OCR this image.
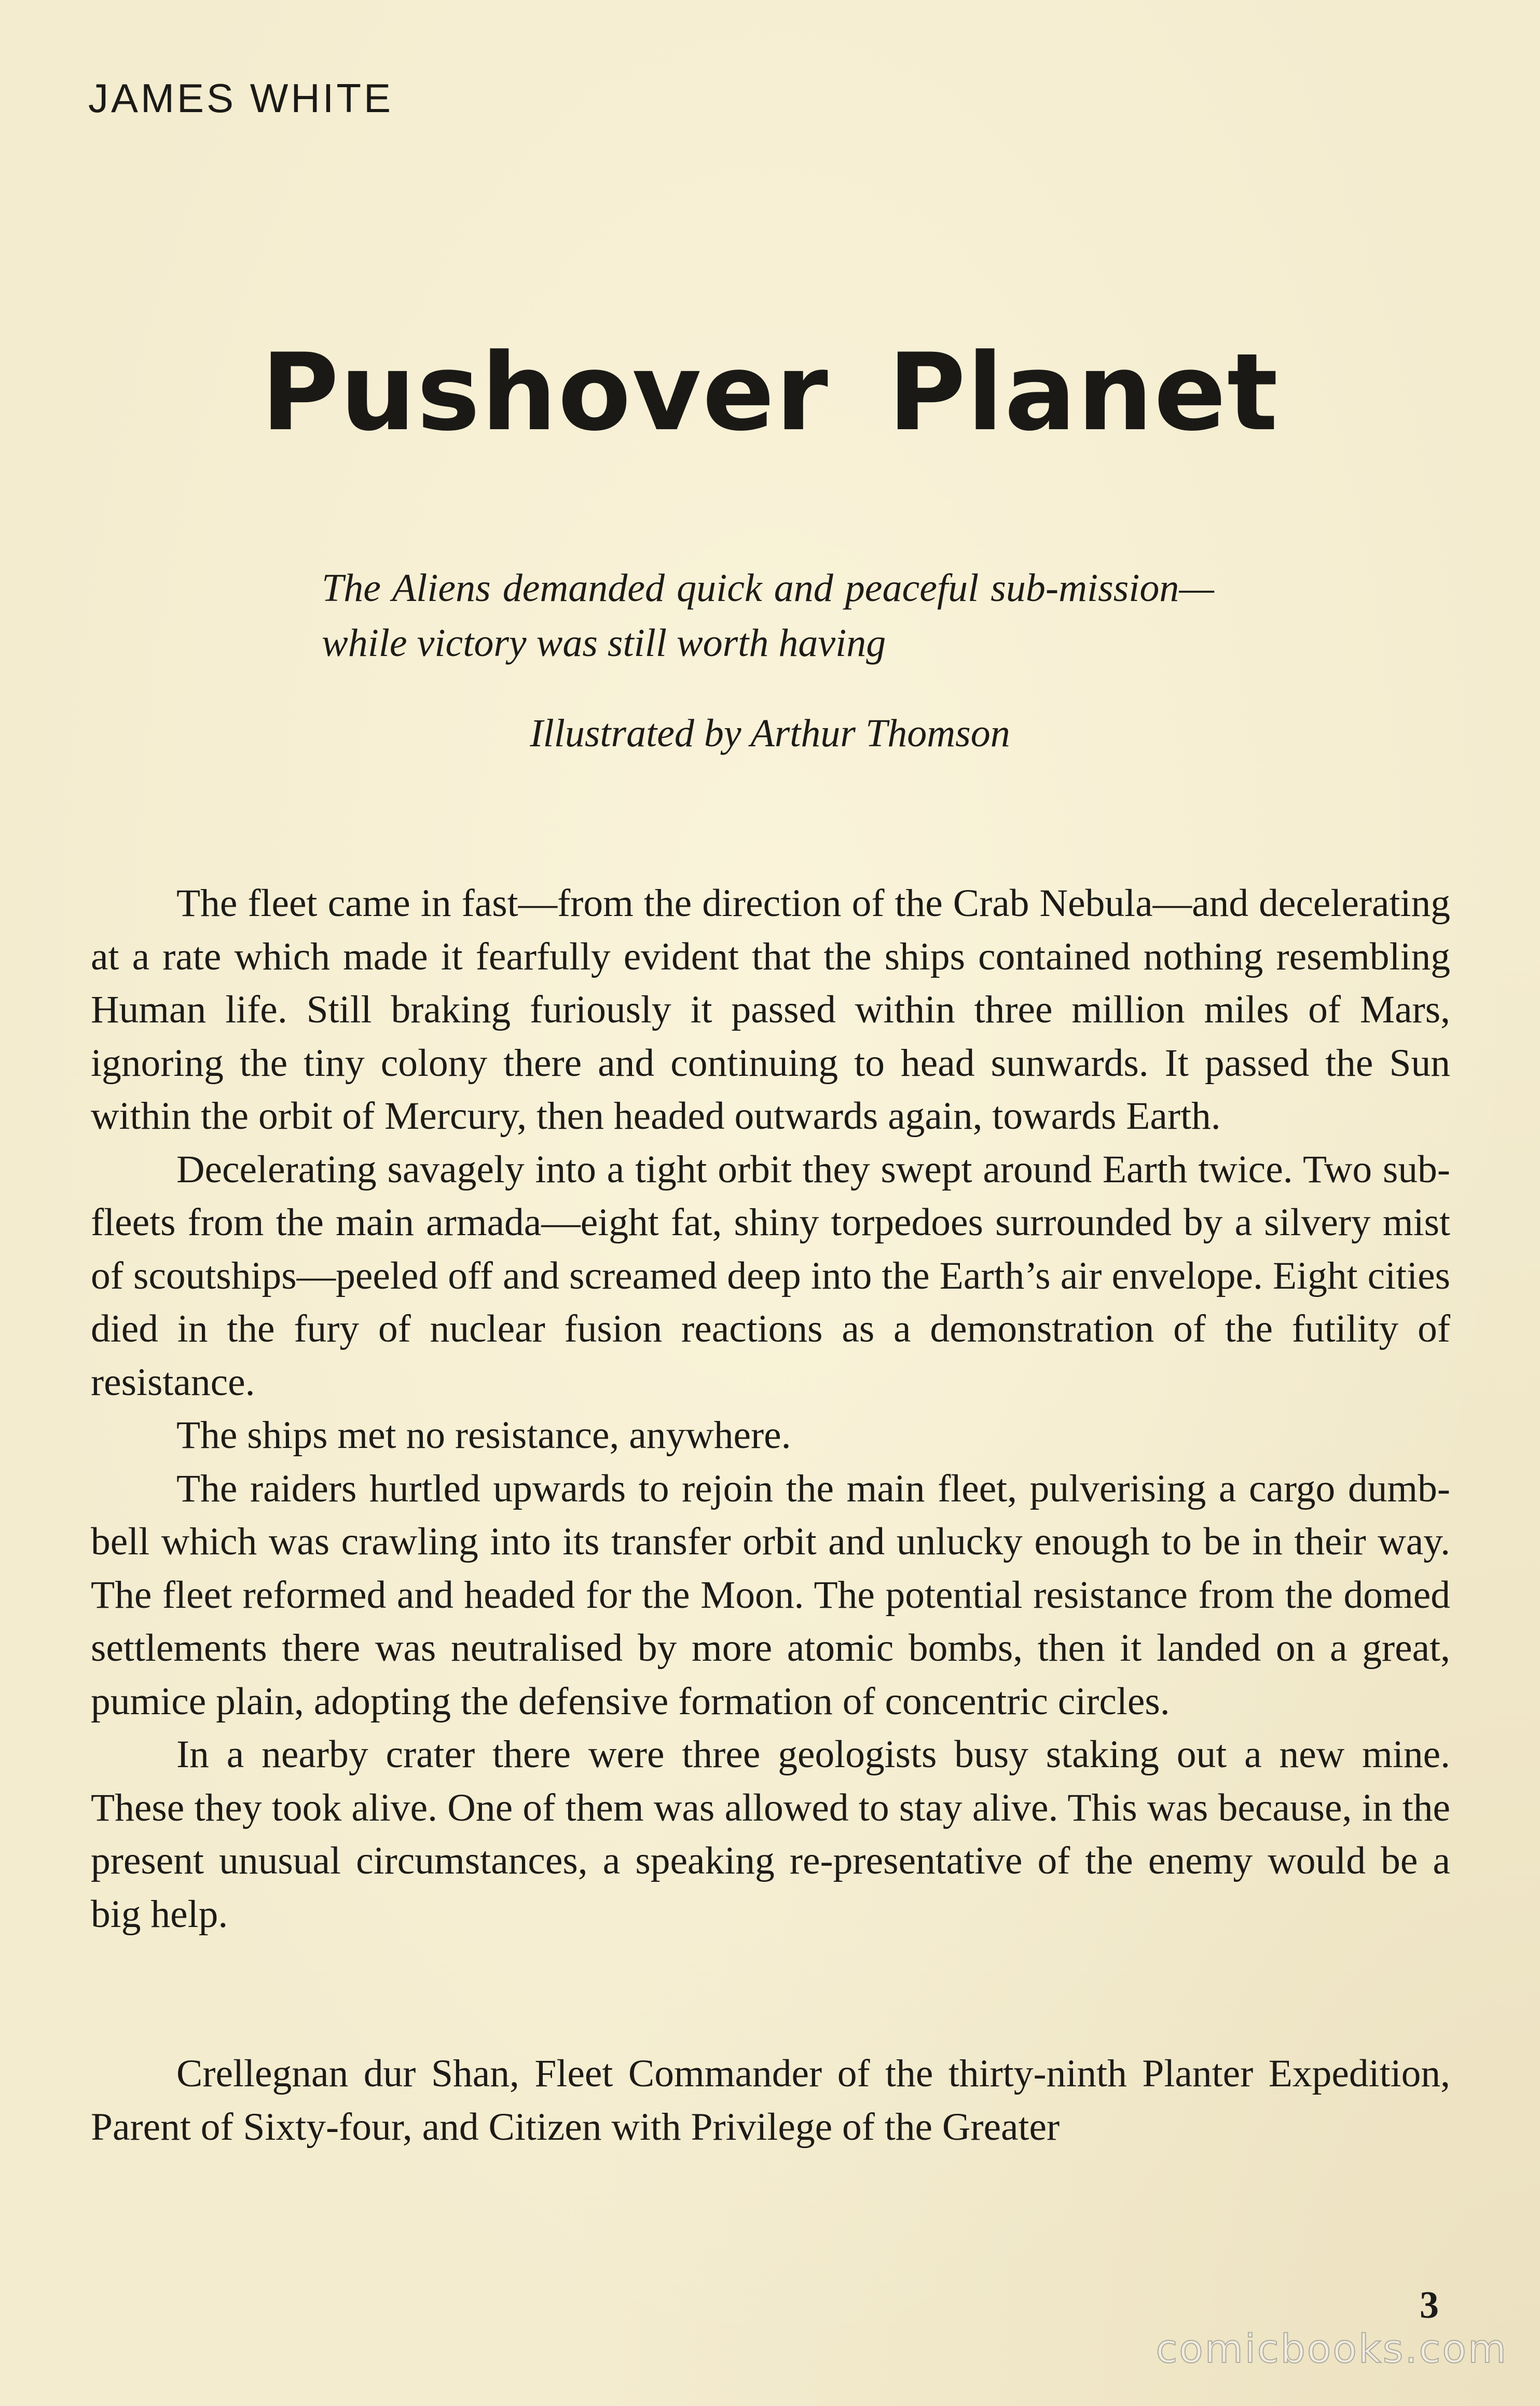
JAMES WHITE

Pushover Planet

The Aliens demanded quick and peaceful sub-mission—while victory was still worth having

Illustrated by Arthur Thomson

The fleet came in fast—from the direction of the Crab Nebula—and decelerating at a rate which made it fearfully evident that the ships contained nothing resembling Human life. Still braking furiously it passed within three million miles of Mars, ignoring the tiny colony there and continuing to head sunwards. It passed the Sun within the orbit of Mercury, then headed outwards again, towards Earth.

Decelerating savagely into a tight orbit they swept around Earth twice. Two sub-fleets from the main armada—eight fat, shiny torpedoes surrounded by a silvery mist of scoutships—peeled off and screamed deep into the Earth’s air envelope. Eight cities died in the fury of nuclear fusion reactions as a demonstration of the futility of resistance.

The ships met no resistance, anywhere.

The raiders hurtled upwards to rejoin the main fleet, pulverising a cargo dumb-bell which was crawling into its transfer orbit and unlucky enough to be in their way. The fleet reformed and headed for the Moon. The potential resistance from the domed settlements there was neutralised by more atomic bombs, then it landed on a great, pumice plain, adopting the defensive formation of concentric circles.

In a nearby crater there were three geologists busy staking out a new mine. These they took alive. One of them was allowed to stay alive. This was because, in the present unusual circumstances, a speaking re-presentative of the enemy would be a big help.

Crellegnan dur Shan, Fleet Commander of the thirty-ninth Planter Expedition, Parent of Sixty-four, and Citizen with Privilege of the Greater

3

comicbooks.com
